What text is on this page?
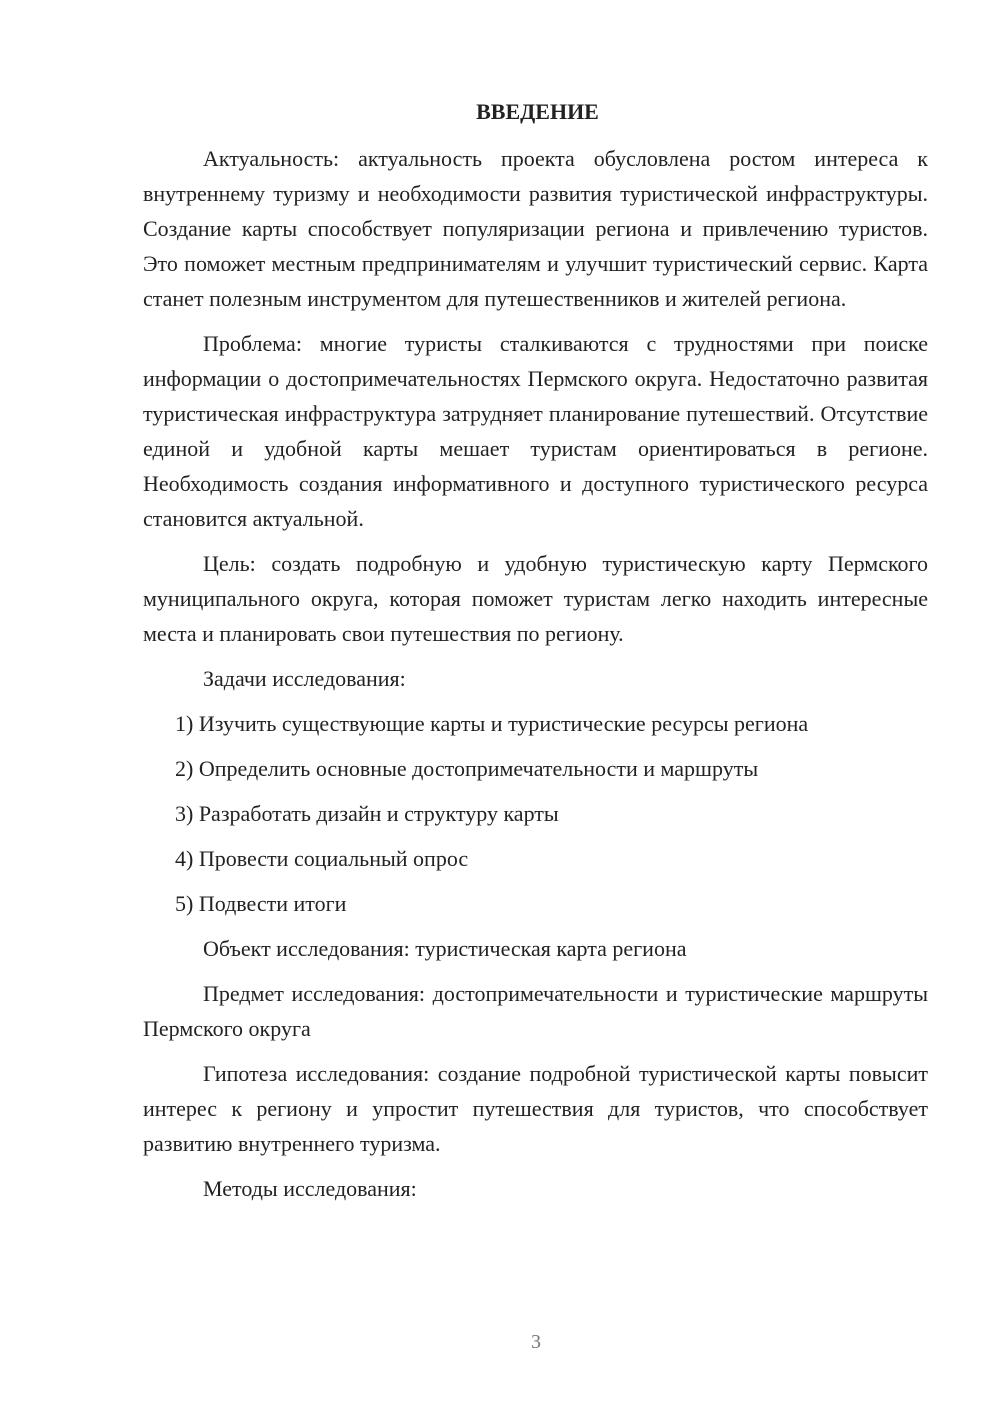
ВВЕДЕНИЕ

Актуальность: актуальность проекта обусловлена ростом интереса к внутреннему туризму и необходимости развития туристической инфраструктуры. Создание карты способствует популяризации региона и привлечению туристов. Это поможет местным предпринимателям и улучшит туристический сервис. Карта станет полезным инструментом для путешественников и жителей региона.

Проблема: многие туристы сталкиваются с трудностями при поиске информации о достопримечательностях Пермского округа. Недостаточно развитая туристическая инфраструктура затрудняет планирование путешествий. Отсутствие единой и удобной карты мешает туристам ориентироваться в регионе. Необходимость создания информативного и доступного туристического ресурса становится актуальной.

Цель: создать подробную и удобную туристическую карту Пермского муниципального округа, которая поможет туристам легко находить интересные места и планировать свои путешествия по региону.

Задачи исследования:

1) Изучить существующие карты и туристические ресурсы региона
2) Определить основные достопримечательности и маршруты
3) Разработать дизайн и структуру карты
4) Провести социальный опрос
5) Подвести итоги

Объект исследования: туристическая карта региона

Предмет исследования: достопримечательности и туристические маршруты Пермского округа

Гипотеза исследования: создание подробной туристической карты повысит интерес к региону и упростит путешествия для туристов, что способствует развитию внутреннего туризма.

Методы исследования:

3
